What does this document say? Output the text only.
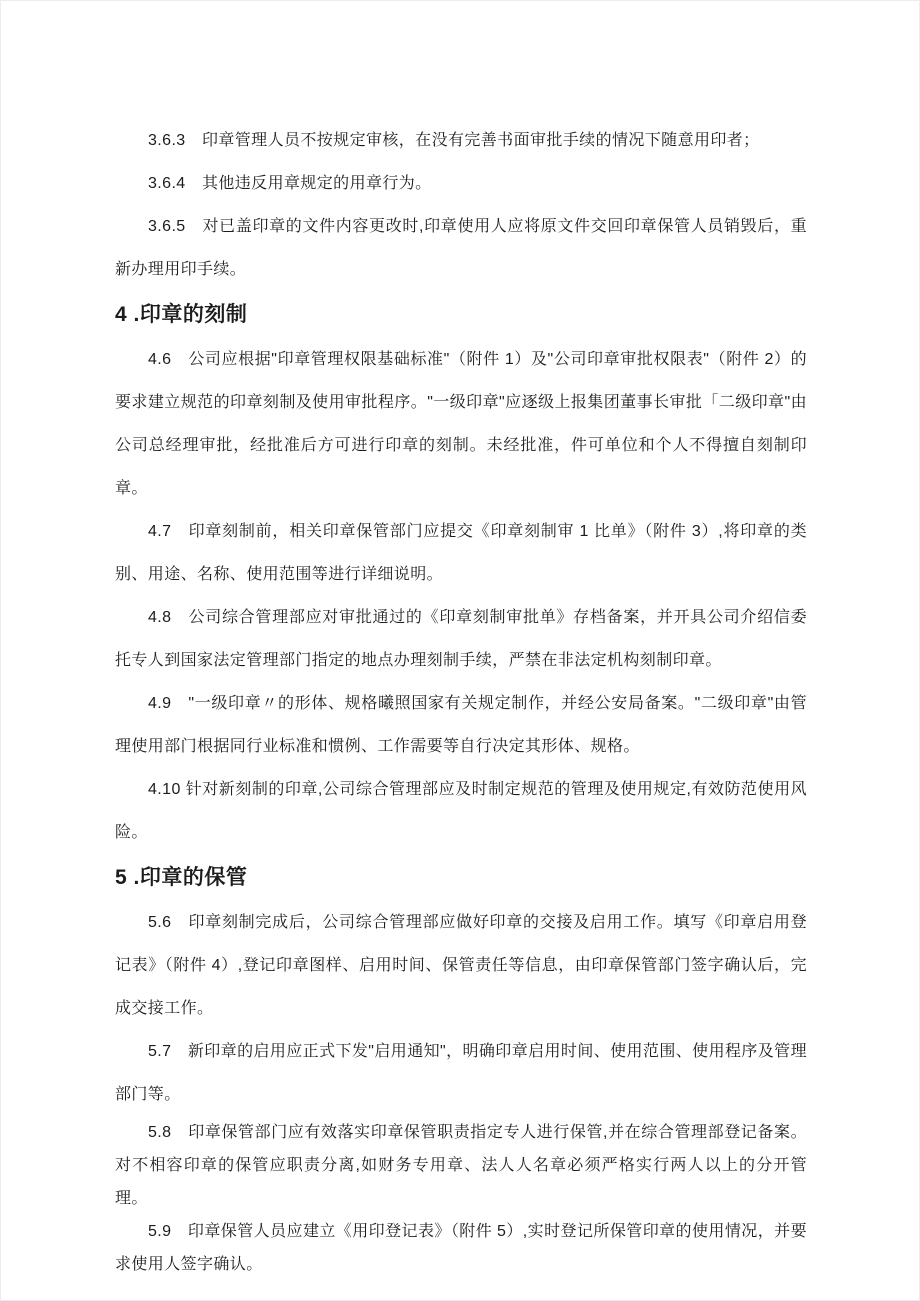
3.6.3　印章管理人员不按规定审核，在没有完善书面审批手续的情况下随意用印者；

3.6.4　其他违反用章规定的用章行为。

3.6.5　对已盖印章的文件内容更改时,印章使用人应将原文件交回印章保管人员销毁后，重新办理用印手续。

4 .印章的刻制

4.6　公司应根据"印章管理权限基础标准"（附件 1）及"公司印章审批权限表"（附件 2）的要求建立规范的印章刻制及使用审批程序。"一级印章"应逐级上报集团董事长审批「二级印章"由公司总经理审批，经批准后方可进行印章的刻制。未经批准，件可单位和个人不得擅自刻制印章。

4.7　印章刻制前，相关印章保管部门应提交《印章刻制审 1 比单》（附件 3）,将印章的类别、用途、名称、使用范围等进行详细说明。

4.8　公司综合管理部应对审批通过的《印章刻制审批单》存档备案，并开具公司介绍信委托专人到国家法定管理部门指定的地点办理刻制手续，严禁在非法定机构刻制印章。

4.9　"一级印章〃的形体、规格曦照国家有关规定制作，并经公安局备案。"二级印章"由管理使用部门根据同行业标准和惯例、工作需要等自行决定其形体、规格。

4.10 针对新刻制的印章,公司综合管理部应及时制定规范的管理及使用规定,有效防范使用风险。

5 .印章的保管

5.6　印章刻制完成后，公司综合管理部应做好印章的交接及启用工作。填写《印章启用登记表》（附件 4）,登记印章图样、启用时间、保管责任等信息，由印章保管部门签字确认后，完成交接工作。

5.7　新印章的启用应正式下发"启用通知"，明确印章启用时间、使用范围、使用程序及管理部门等。

5.8　印章保管部门应有效落实印章保管职责指定专人进行保管,并在综合管理部登记备案。对不相容印章的保管应职责分离,如财务专用章、法人人名章必须严格实行两人以上的分开管理。

5.9　印章保管人员应建立《用印登记表》（附件 5）,实时登记所保管印章的使用情况，并要求使用人签字确认。
